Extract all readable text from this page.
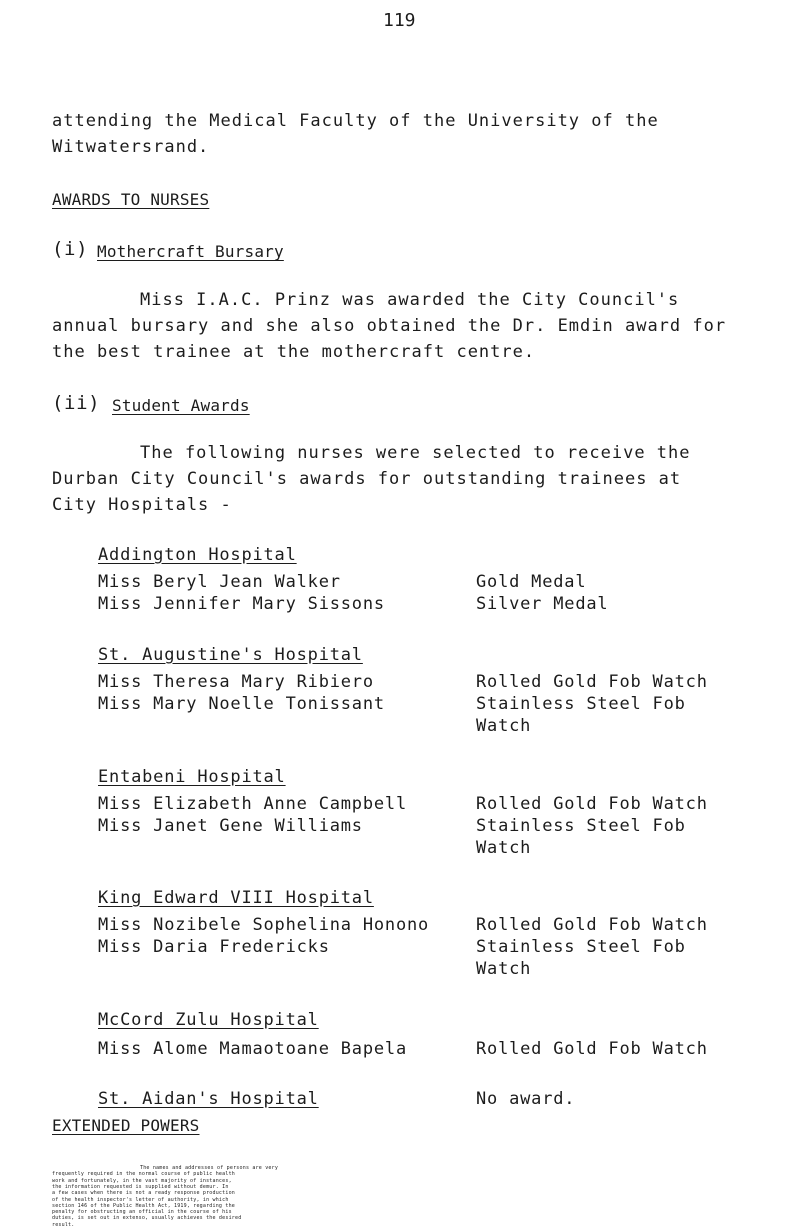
119
attending the Medical Faculty of the University of the
Witwatersrand.
AWARDS TO NURSES
(i) Mothercraft Bursary
Miss I.A.C. Prinz was awarded the City Council's
annual bursary and she also obtained the Dr. Emdin award for
the best trainee at the mothercraft centre.
(ii) Student Awards
The following nurses were selected to receive the
Durban City Council's awards for outstanding trainees at
City Hospitals -
Addington Hospital
Miss Beryl Jean Walker	Gold Medal
Miss Jennifer Mary Sissons	Silver Medal
St. Augustine's Hospital
Miss Theresa Mary Ribiero	Rolled Gold Fob Watch
Miss Mary Noelle Tonissant	Stainless Steel Fob
Watch
Entabeni Hospital
Miss Elizabeth Anne Campbell	Rolled Gold Fob Watch
Miss Janet Gene Williams	Stainless Steel Fob
Watch
King Edward VIII Hospital
Miss Nozibele Sophelina Honono	Rolled Gold Fob Watch
Miss Daria Fredericks	Stainless Steel Fob
Watch
McCord Zulu Hospital
Miss Alome Mamaotoane Bapela	Rolled Gold Fob Watch
St. Aidan's Hospital	No award.
EXTENDED POWERS
The names and addresses of persons are very
frequently required in the normal course of public health
work and fortunately, in the vast majority of instances,
the information requested is supplied without demur. In
a few cases when there is not a ready response production
of the health inspector's letter of authority, in which
section 146 of the Public Health Act, 1919, regarding the
penalty for obstructing an official in the course of his
duties, is set out in extenso, usually achieves the desired
result.
